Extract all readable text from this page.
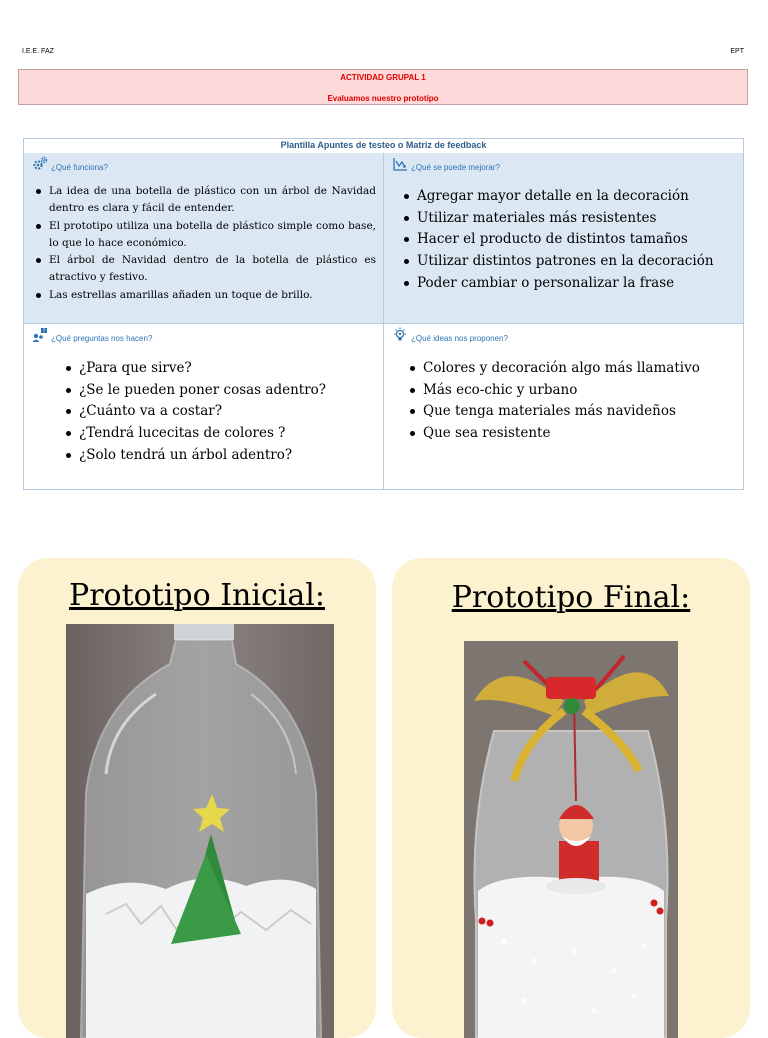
I.E.E. FAZ	EPT
ACTIVIDAD GRUPAL 1
Evaluamos nuestro prototipo
Plantilla Apuntes de testeo o Matriz de feedback
¿Qué funciona?
La idea de una botella de plástico con un árbol de Navidad dentro es clara y fácil de entender.
El prototipo utiliza una botella de plástico simple como base, lo que lo hace económico.
El árbol de Navidad dentro de la botella de plástico es atractivo y festivo.
Las estrellas amarillas añaden un toque de brillo.
¿Qué se puede mejorar?
Agregar mayor detalle en la decoración
Utilizar materiales más resistentes
Hacer el producto de distintos tamaños
Utilizar distintos patrones en la decoración
Poder cambiar o personalizar la frase
?
¿Qué preguntas nos hacen?
¿Para que sirve?
¿Se le pueden poner cosas adentro?
¿Cuánto va a costar?
¿Tendrá lucecitas de colores ?
¿Solo tendrá un árbol adentro?
¿Qué ideas nos proponen?
Colores y decoración algo más llamativo
Más eco-chic y urbano
Que tenga materiales más navideños
Que sea resistente
Prototipo Inicial:	Prototipo Final:
